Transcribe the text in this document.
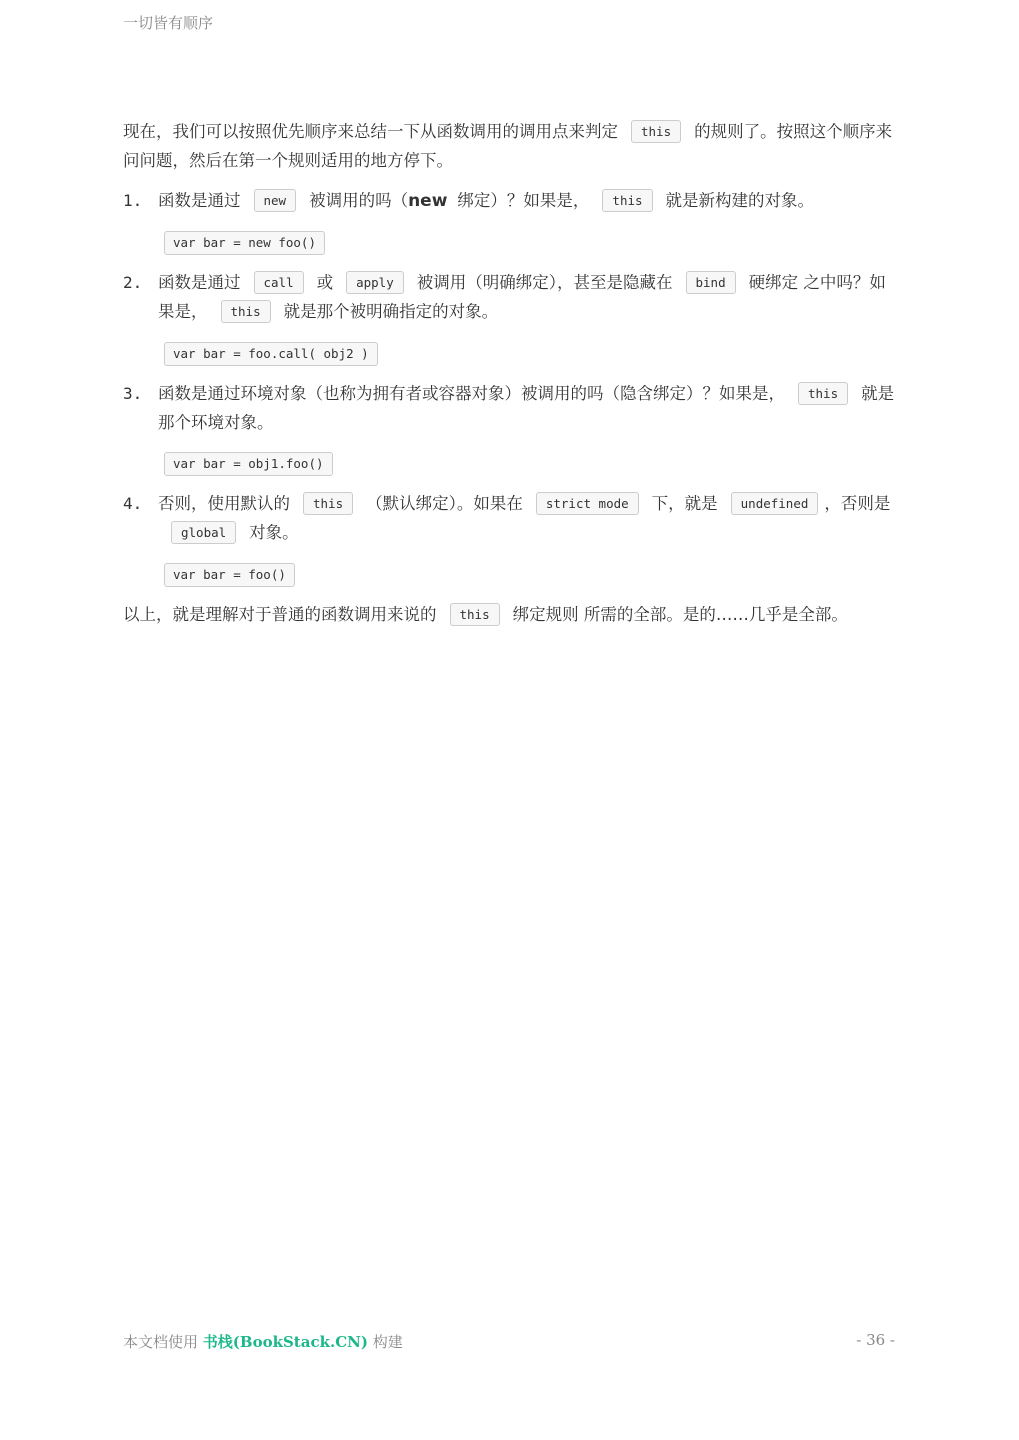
一切皆有顺序

现在，我们可以按照优先顺序来总结一下从函数调用的调用点来判定 this 的规则了。按照这个顺序来问问题，然后在第一个规则适用的地方停下。

1. 函数是通过 new 被调用的吗（new 绑定）？如果是， this 就是新构建的对象。

var bar = new foo()
2. 函数是通过 call 或 apply 被调用（明确绑定），甚至是隐藏在 bind 硬绑定 之中吗？如果是， this 就是那个被明确指定的对象。

var bar = foo.call( obj2 )
3. 函数是通过环境对象（也称为拥有者或容器对象）被调用的吗（隐含绑定）？如果是， this 就是那个环境对象。

var bar = obj1.foo()
4. 否则，使用默认的 this （默认绑定）。如果在 strict mode 下，就是 undefined ，否则是global 对象。

var bar = foo()

以上，就是理解对于普通的函数调用来说的 this 绑定规则 所需的全部。是的……几乎是全部。

本文档使用 书栈(BookStack.CN) 构建	- 36 -
